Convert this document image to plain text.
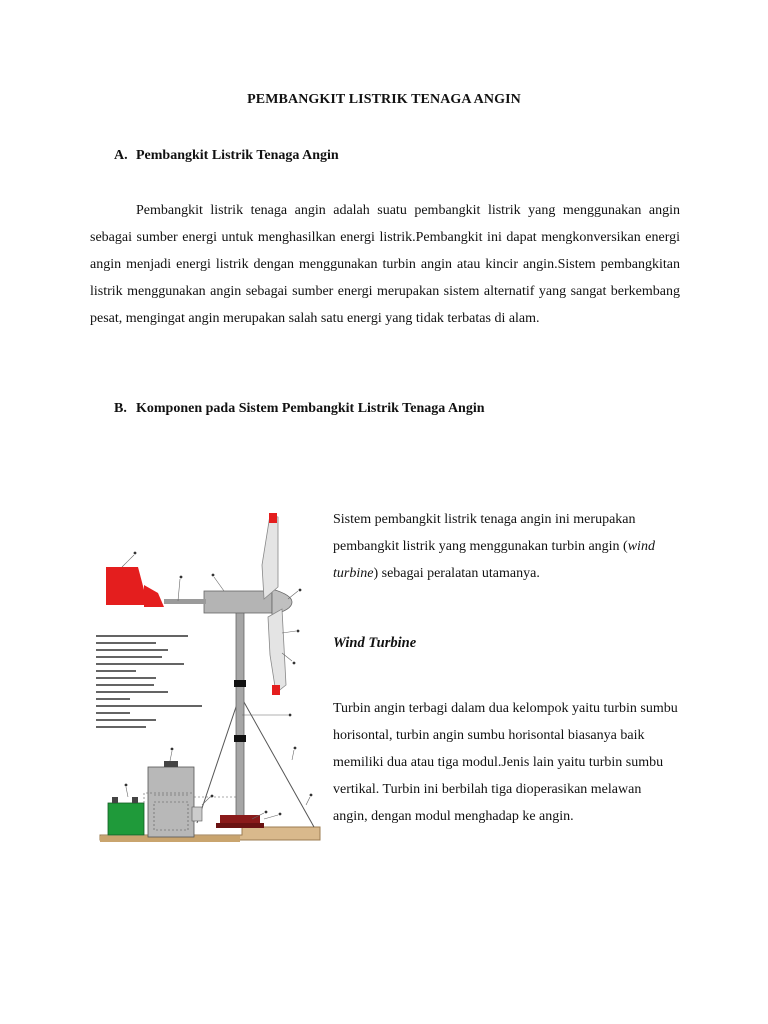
PEMBANGKIT LISTRIK TENAGA ANGIN
A. Pembangkit Listrik Tenaga Angin

Pembangkit listrik tenaga angin adalah suatu pembangkit listrik yang menggunakan angin sebagai sumber energi untuk menghasilkan energi listrik.Pembangkit ini dapat mengkonversikan energi angin menjadi energi listrik dengan menggunakan turbin angin atau kincir angin.Sistem pembangkitan listrik menggunakan angin sebagai sumber energi merupakan sistem alternatif yang sangat berkembang pesat, mengingat angin merupakan salah satu energi yang tidak terbatas di alam.

B. Komponen pada Sistem Pembangkit Listrik Tenaga Angin

Sistem pembangkit listrik tenaga angin ini merupakan pembangkit listrik yang menggunakan turbin angin (wind turbine) sebagai peralatan utamanya.

Wind Turbine

Turbin angin terbagi dalam dua kelompok yaitu turbin sumbu horisontal, turbin angin sumbu horisontal biasanya baik memiliki dua atau tiga modul.Jenis lain yaitu turbin sumbu vertikal. Turbin ini berbilah tiga dioperasikan melawan angin, dengan modul menghadap ke angin.
